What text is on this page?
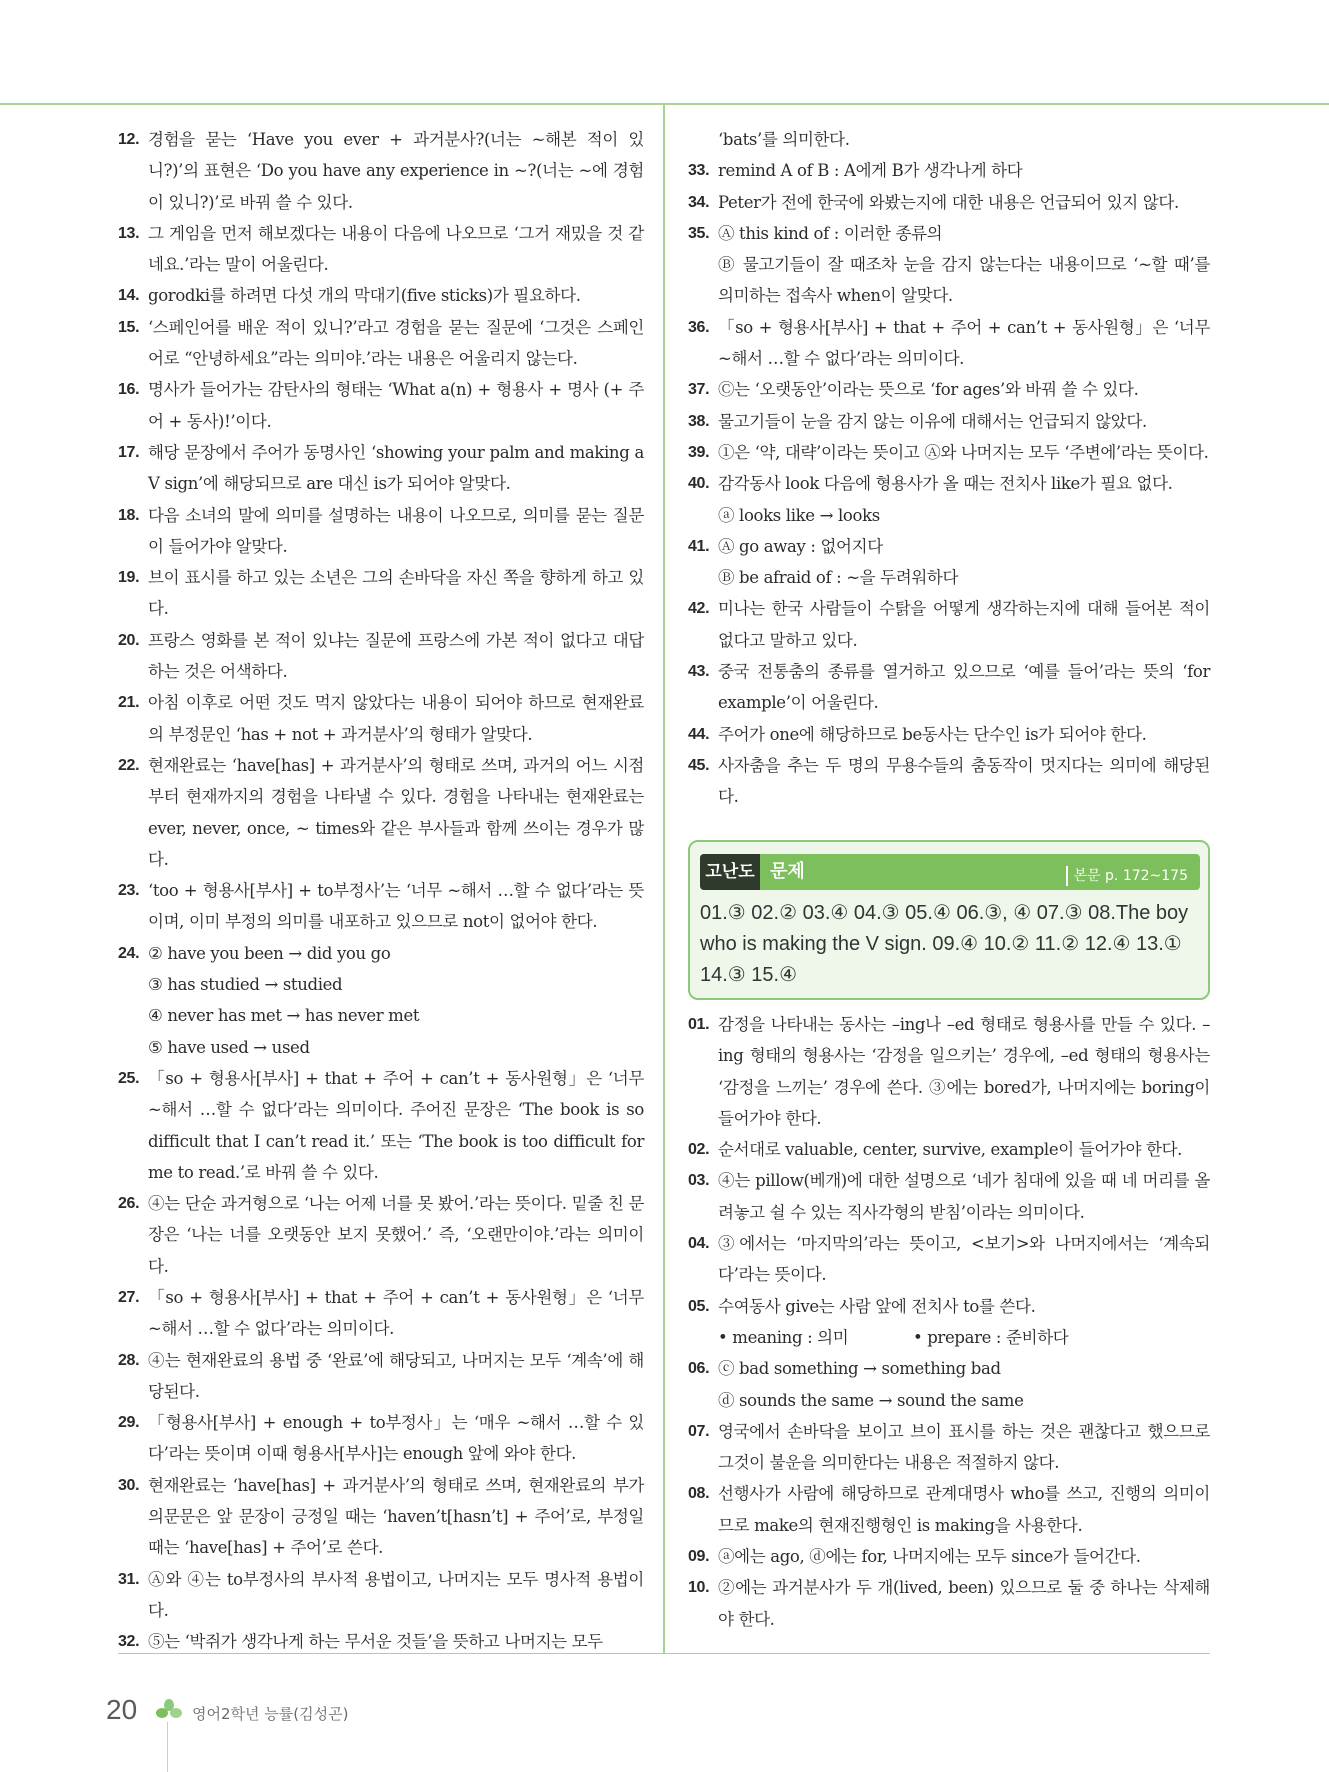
12. 경험을 묻는 ‘Have you ever + 과거분사?(너는 ~해본 적이 있니?)’의 표현은 ‘Do you have any experience in ~?(너는 ~에 경험이 있니?)’로 바꿔 쓸 수 있다.
13. 그 게임을 먼저 해보겠다는 내용이 다음에 나오므로 ‘그거 재밌을 것 같네요.’라는 말이 어울린다.
14. gorodki를 하려면 다섯 개의 막대기(five sticks)가 필요하다.
15. ‘스페인어를 배운 적이 있니?’라고 경험을 묻는 질문에 ‘그것은 스페인어로 “안녕하세요”라는 의미야.’라는 내용은 어울리지 않는다.
16. 명사가 들어가는 감탄사의 형태는 ‘What a(n) + 형용사 + 명사 (+ 주어 + 동사)!’이다.
17. 해당 문장에서 주어가 동명사인 ‘showing your palm and making a V sign’에 해당되므로 are 대신 is가 되어야 알맞다.
18. 다음 소녀의 말에 의미를 설명하는 내용이 나오므로, 의미를 묻는 질문이 들어가야 알맞다.
19. 브이 표시를 하고 있는 소년은 그의 손바닥을 자신 쪽을 향하게 하고 있다.
20. 프랑스 영화를 본 적이 있냐는 질문에 프랑스에 가본 적이 없다고 대답하는 것은 어색하다.
21. 아침 이후로 어떤 것도 먹지 않았다는 내용이 되어야 하므로 현재완료의 부정문인 ‘has + not + 과거분사’의 형태가 알맞다.
22. 현재완료는 ‘have[has] + 과거분사’의 형태로 쓰며, 과거의 어느 시점부터 현재까지의 경험을 나타낼 수 있다. 경험을 나타내는 현재완료는 ever, never, once, ~ times와 같은 부사들과 함께 쓰이는 경우가 많다.
23. ‘too + 형용사[부사] + to부정사’는 ‘너무 ~해서 …할 수 없다’라는 뜻이며, 이미 부정의 의미를 내포하고 있으므로 not이 없어야 한다.
24. ② have you been → did you go
③ has studied → studied
④ never has met → has never met
⑤ have used → used
25. 「so + 형용사[부사] + that + 주어 + can’t + 동사원형」은 ‘너무 ~해서 …할 수 없다’라는 의미이다. 주어진 문장은 ‘The book is so difficult that I can’t read it.’ 또는 ‘The book is too difficult for me to read.’로 바꿔 쓸 수 있다.
26. ④는 단순 과거형으로 ‘나는 어제 너를 못 봤어.’라는 뜻이다. 밑줄 친 문장은 ‘나는 너를 오랫동안 보지 못했어.’ 즉, ‘오랜만이야.’라는 의미이다.
27. 「so + 형용사[부사] + that + 주어 + can’t + 동사원형」은 ‘너무 ~해서 …할 수 없다’라는 의미이다.
28. ④는 현재완료의 용법 중 ‘완료’에 해당되고, 나머지는 모두 ‘계속’에 해당된다.
29. 「형용사[부사] + enough + to부정사」는 ‘매우 ~해서 …할 수 있다’라는 뜻이며 이때 형용사[부사]는 enough 앞에 와야 한다.
30. 현재완료는 ‘have[has] + 과거분사’의 형태로 쓰며, 현재완료의 부가의문문은 앞 문장이 긍정일 때는 ‘haven’t[hasn’t] + 주어’로, 부정일 때는 ‘have[has] + 주어’로 쓴다.
31. Ⓐ와 ④는 to부정사의 부사적 용법이고, 나머지는 모두 명사적 용법이다.
32. ⑤는 ‘박쥐가 생각나게 하는 무서운 것들’을 뜻하고 나머지는 모두
‘bats’를 의미한다.
33. remind A of B : A에게 B가 생각나게 하다
34. Peter가 전에 한국에 와봤는지에 대한 내용은 언급되어 있지 않다.
35. Ⓐ this kind of : 이러한 종류의
Ⓑ 물고기들이 잘 때조차 눈을 감지 않는다는 내용이므로 ‘~할 때’를 의미하는 접속사 when이 알맞다.
36. 「so + 형용사[부사] + that + 주어 + can’t + 동사원형」은 ‘너무 ~해서 …할 수 없다’라는 의미이다.
37. Ⓒ는 ‘오랫동안’이라는 뜻으로 ‘for ages’와 바꿔 쓸 수 있다.
38. 물고기들이 눈을 감지 않는 이유에 대해서는 언급되지 않았다.
39. ①은 ‘약, 대략’이라는 뜻이고 Ⓐ와 나머지는 모두 ‘주변에’라는 뜻이다.
40. 감각동사 look 다음에 형용사가 올 때는 전치사 like가 필요 없다.
ⓐ looks like → looks
41. Ⓐ go away : 없어지다
Ⓑ be afraid of : ~을 두려워하다
42. 미나는 한국 사람들이 수탉을 어떻게 생각하는지에 대해 들어본 적이 없다고 말하고 있다.
43. 중국 전통춤의 종류를 열거하고 있으므로 ‘예를 들어’라는 뜻의 ‘for example’이 어울린다.
44. 주어가 one에 해당하므로 be동사는 단수인 is가 되어야 한다.
45. 사자춤을 추는 두 명의 무용수들의 춤동작이 멋지다는 의미에 해당된다.
고난도 문제	본문 p. 172~175
01.③ 02.② 03.④ 04.③ 05.④ 06.③, ④ 07.③ 08.The boy who is making the V sign. 09.④ 10.② 11.② 12.④ 13.① 14.③ 15.④
01. 감정을 나타내는 동사는 –ing나 –ed 형태로 형용사를 만들 수 있다. –ing 형태의 형용사는 ‘감정을 일으키는’ 경우에, –ed 형태의 형용사는 ‘감정을 느끼는’ 경우에 쓴다. ③에는 bored가, 나머지에는 boring이 들어가야 한다.
02. 순서대로 valuable, center, survive, example이 들어가야 한다.
03. ④는 pillow(베개)에 대한 설명으로 ‘네가 침대에 있을 때 네 머리를 올려놓고 쉴 수 있는 직사각형의 받침’이라는 의미이다.
04. ③에서는 ‘마지막의’라는 뜻이고, <보기>와 나머지에서는 ‘계속되다’라는 뜻이다.
05. 수여동사 give는 사람 앞에 전치사 to를 쓴다.
• meaning : 의미　　　　• prepare : 준비하다
06. ⓒ bad something → something bad
ⓓ sounds the same → sound the same
07. 영국에서 손바닥을 보이고 브이 표시를 하는 것은 괜찮다고 했으므로 그것이 불운을 의미한다는 내용은 적절하지 않다.
08. 선행사가 사람에 해당하므로 관계대명사 who를 쓰고, 진행의 의미이므로 make의 현재진행형인 is making을 사용한다.
09. ⓐ에는 ago, ⓓ에는 for, 나머지에는 모두 since가 들어간다.
10. ②에는 과거분사가 두 개(lived, been) 있으므로 둘 중 하나는 삭제해야 한다.
20	영어2학년 능률(김성곤)
